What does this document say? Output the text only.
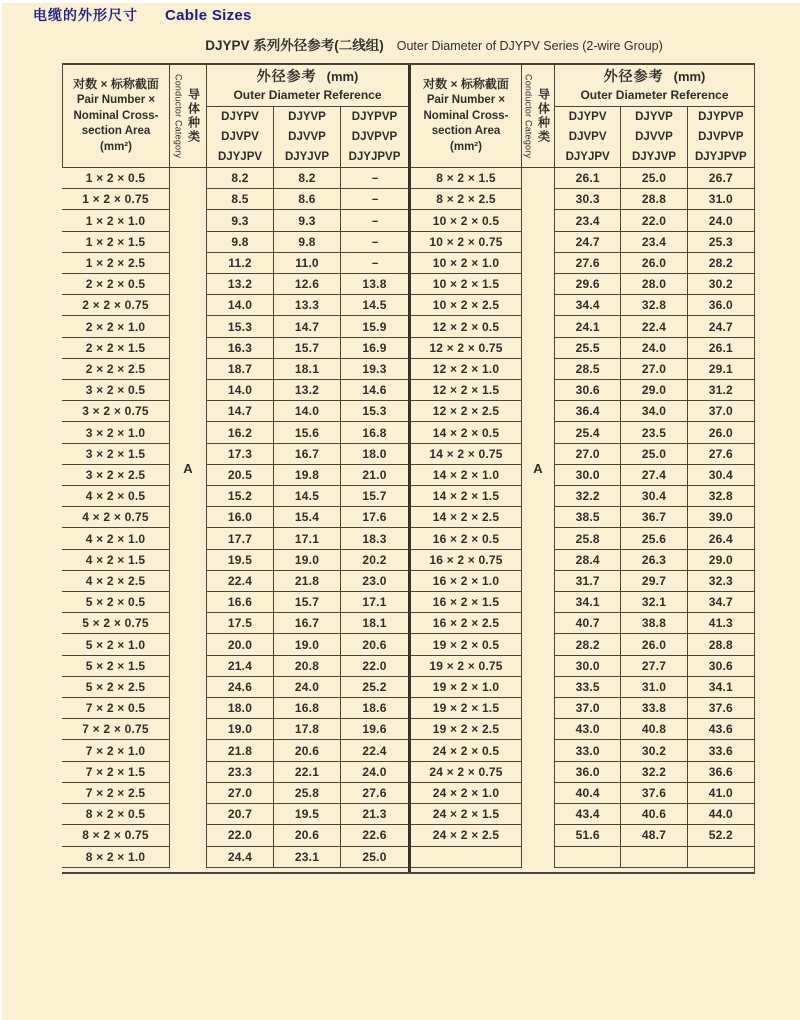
电缆的外形尺寸 Cable Sizes
DJYPV 系列外径参考(二线组) Outer Diameter of DJYPV Series (2-wire Group)
对数 × 标称截面
Pair Number ×
Nominal Cross-
section Area
(mm²)	Conductor Category 导体种类
外径参考 (mm)
Outer Diameter Reference
DJYPV
DJVPV
DJYJPV
DJYVP
DJVVP
DJYJVP
DJYPVP
DJVPVP
DJYJPVP
A
1 × 2 × 0.5	8.2	8.2	--
1 × 2 × 0.75	8.5	8.6	--
1 × 2 × 1.0	9.3	9.3	--
1 × 2 × 1.5	9.8	9.8	--
1 × 2 × 2.5	11.2	11.0	--
2 × 2 × 0.5	13.2	12.6	13.8
2 × 2 × 0.75	14.0	13.3	14.5
2 × 2 × 1.0	15.3	14.7	15.9
2 × 2 × 1.5	16.3	15.7	16.9
2 × 2 × 2.5	18.7	18.1	19.3
3 × 2 × 0.5	14.0	13.2	14.6
3 × 2 × 0.75	14.7	14.0	15.3
3 × 2 × 1.0	16.2	15.6	16.8
3 × 2 × 1.5	17.3	16.7	18.0
3 × 2 × 2.5	20.5	19.8	21.0
4 × 2 × 0.5	15.2	14.5	15.7
4 × 2 × 0.75	16.0	15.4	17.6
4 × 2 × 1.0	17.7	17.1	18.3
4 × 2 × 1.5	19.5	19.0	20.2
4 × 2 × 2.5	22.4	21.8	23.0
5 × 2 × 0.5	16.6	15.7	17.1
5 × 2 × 0.75	17.5	16.7	18.1
5 × 2 × 1.0	20.0	19.0	20.6
5 × 2 × 1.5	21.4	20.8	22.0
5 × 2 × 2.5	24.6	24.0	25.2
7 × 2 × 0.5	18.0	16.8	18.6
7 × 2 × 0.75	19.0	17.8	19.6
7 × 2 × 1.0	21.8	20.6	22.4
7 × 2 × 1.5	23.3	22.1	24.0
7 × 2 × 2.5	27.0	25.8	27.6
8 × 2 × 0.5	20.7	19.5	21.3
8 × 2 × 0.75	22.0	20.6	22.6
8 × 2 × 1.0	24.4	23.1	25.0
对数 × 标称截面
Pair Number ×
Nominal Cross-
section Area
(mm²)	Conductor Category 导体种类
外径参考 (mm)
Outer Diameter Reference
DJYPV
DJVPV
DJYJPV
DJYVP
DJVVP
DJYJVP
DJYPVP
DJVPVP
DJYJPVP
A
8 × 2 × 1.5	26.1	25.0	26.7
8 × 2 × 2.5	30.3	28.8	31.0
10 × 2 × 0.5	23.4	22.0	24.0
10 × 2 × 0.75	24.7	23.4	25.3
10 × 2 × 1.0	27.6	26.0	28.2
10 × 2 × 1.5	29.6	28.0	30.2
10 × 2 × 2.5	34.4	32.8	36.0
12 × 2 × 0.5	24.1	22.4	24.7
12 × 2 × 0.75	25.5	24.0	26.1
12 × 2 × 1.0	28.5	27.0	29.1
12 × 2 × 1.5	30.6	29.0	31.2
12 × 2 × 2.5	36.4	34.0	37.0
14 × 2 × 0.5	25.4	23.5	26.0
14 × 2 × 0.75	27.0	25.0	27.6
14 × 2 × 1.0	30.0	27.4	30.4
14 × 2 × 1.5	32.2	30.4	32.8
14 × 2 × 2.5	38.5	36.7	39.0
16 × 2 × 0.5	25.8	25.6	26.4
16 × 2 × 0.75	28.4	26.3	29.0
16 × 2 × 1.0	31.7	29.7	32.3
16 × 2 × 1.5	34.1	32.1	34.7
16 × 2 × 2.5	40.7	38.8	41.3
19 × 2 × 0.5	28.2	26.0	28.8
19 × 2 × 0.75	30.0	27.7	30.6
19 × 2 × 1.0	33.5	31.0	34.1
19 × 2 × 1.5	37.0	33.8	37.6
19 × 2 × 2.5	43.0	40.8	43.6
24 × 2 × 0.5	33.0	30.2	33.6
24 × 2 × 0.75	36.0	32.2	36.6
24 × 2 × 1.0	40.4	37.6	41.0
24 × 2 × 1.5	43.4	40.6	44.0
24 × 2 × 2.5	51.6	48.7	52.2
